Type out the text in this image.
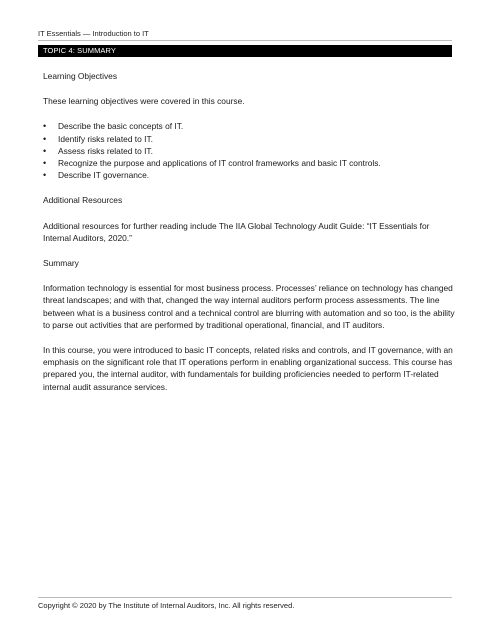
IT Essentials — Introduction to IT
TOPIC 4: SUMMARY

Learning Objectives

These learning objectives were covered in this course.

• Describe the basic concepts of IT.
• Identify risks related to IT.
• Assess risks related to IT.
• Recognize the purpose and applications of IT control frameworks and basic IT controls.
• Describe IT governance.

Additional Resources

Additional resources for further reading include The IIA Global Technology Audit Guide: “IT Essentials for Internal Auditors, 2020.”

Summary

Information technology is essential for most business process. Processes’ reliance on technology has changed threat landscapes; and with that, changed the way internal auditors perform process assessments. The line between what is a business control and a technical control are blurring with automation and so too, is the ability to parse out activities that are performed by traditional operational, financial, and IT auditors.

In this course, you were introduced to basic IT concepts, related risks and controls, and IT governance, with an emphasis on the significant role that IT operations perform in enabling organizational success. This course has prepared you, the internal auditor, with fundamentals for building proficiencies needed to perform IT-related internal audit assurance services.

Copyright © 2020 by The Institute of Internal Auditors, Inc. All rights reserved.
